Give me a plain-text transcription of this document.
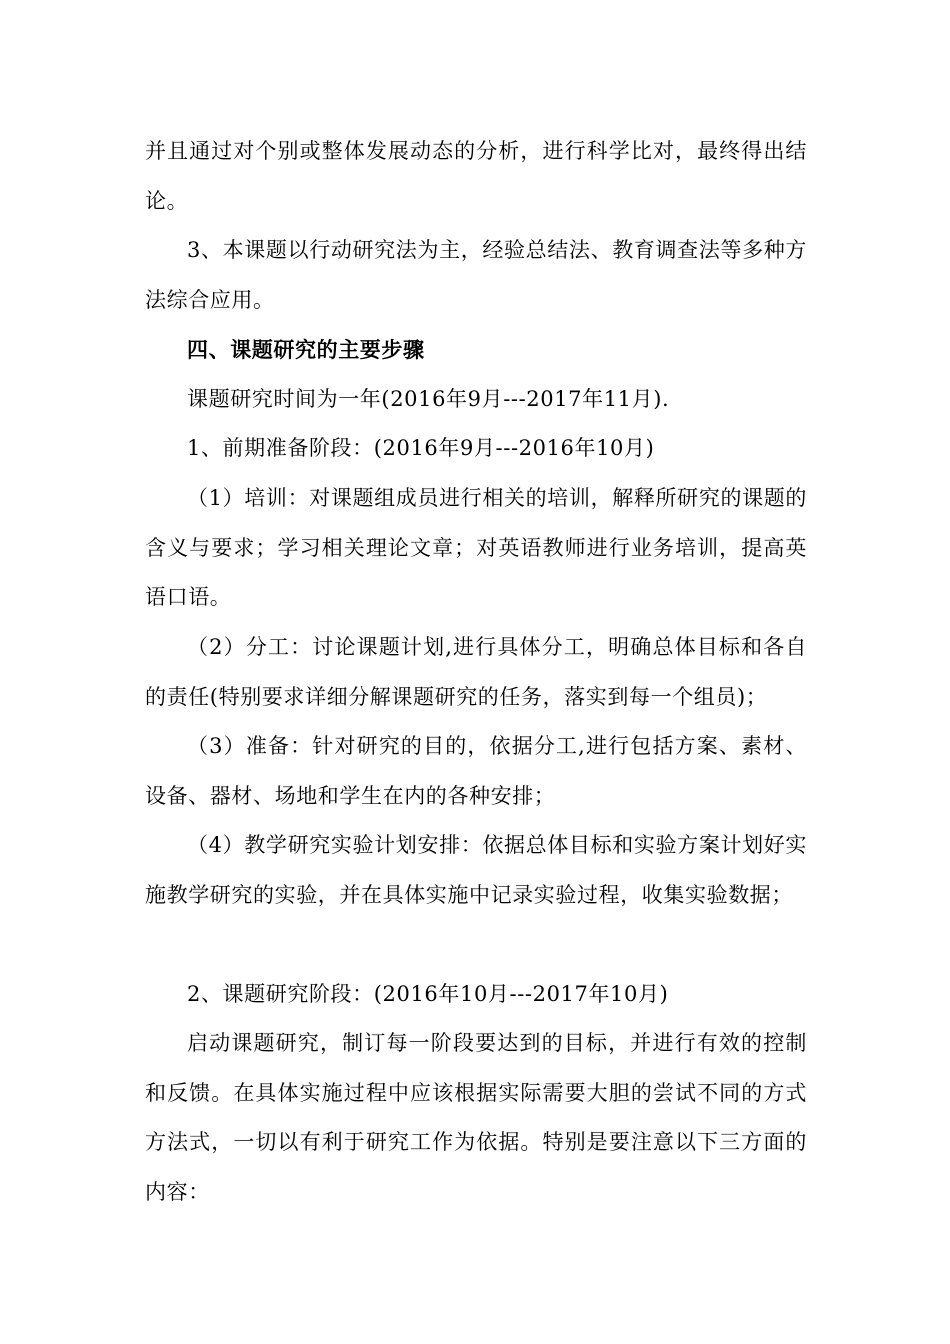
并且通过对个别或整体发展动态的分析，进行科学比对，最终得出结论。

3、本课题以行动研究法为主，经验总结法、教育调查法等多种方法综合应用。

四、课题研究的主要步骤

课题研究时间为一年(2016年9月---2017年11月).

1、前期准备阶段：(2016年9月---2016年10月)

（1）培训：对课题组成员进行相关的培训，解释所研究的课题的含义与要求；学习相关理论文章；对英语教师进行业务培训，提高英语口语。

（2）分工：讨论课题计划,进行具体分工，明确总体目标和各自的责任(特别要求详细分解课题研究的任务，落实到每一个组员)；

（3）准备：针对研究的目的，依据分工,进行包括方案、素材、设备、器材、场地和学生在内的各种安排；

（4）教学研究实验计划安排：依据总体目标和实验方案计划好实施教学研究的实验，并在具体实施中记录实验过程，收集实验数据；

2、课题研究阶段：(2016年10月---2017年10月)

启动课题研究，制订每一阶段要达到的目标，并进行有效的控制和反馈。在具体实施过程中应该根据实际需要大胆的尝试不同的方式方法式，一切以有利于研究工作为依据。特别是要注意以下三方面的内容：
